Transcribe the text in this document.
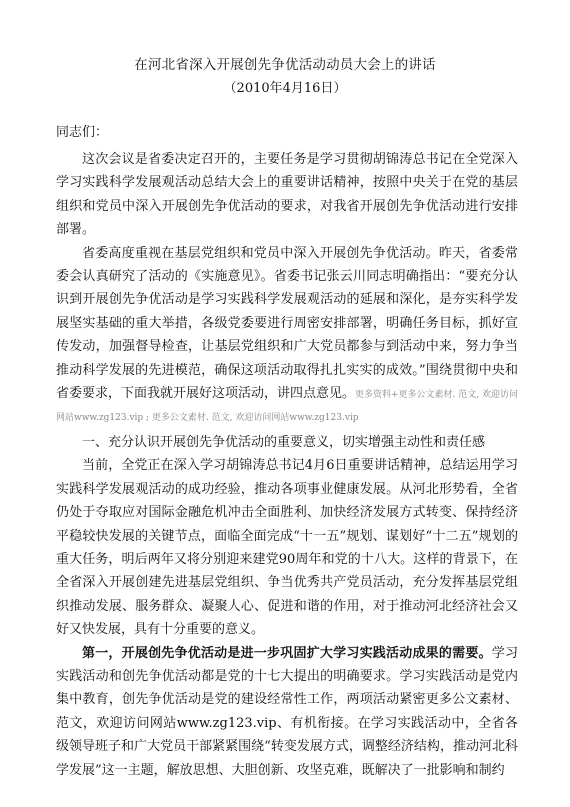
在河北省深入开展创先争优活动动员大会上的讲话
（2010年4月16日）
同志们：

这次会议是省委决定召开的，主要任务是学习贯彻胡锦涛总书记在全党深入学习实践科学发展观活动总结大会上的重要讲话精神，按照中央关于在党的基层组织和党员中深入开展创先争优活动的要求，对我省开展创先争优活动进行安排部署。

省委高度重视在基层党组织和党员中深入开展创先争优活动。昨天，省委常委会认真研究了活动的《实施意见》。省委书记张云川同志明确指出：“要充分认识到开展创先争优活动是学习实践科学发展观活动的延展和深化，是夯实科学发展坚实基础的重大举措，各级党委要进行周密安排部署，明确任务目标，抓好宣传发动，加强督导检查，让基层党组织和广大党员都参与到活动中来，努力争当推动科学发展的先进模范，确保这项活动取得扎扎实实的成效。”围绕贯彻中央和省委要求，下面我就开展好这项活动，讲四点意见。更多资料+更多公文素材. 范文, 欢迎访问网站www.zg123.vip ; 更多公文素材. 范文, 欢迎访问网站www.zg123.vip

一、充分认识开展创先争优活动的重要意义，切实增强主动性和责任感

当前，全党正在深入学习胡锦涛总书记4月6日重要讲话精神，总结运用学习实践科学发展观活动的成功经验，推动各项事业健康发展。从河北形势看，全省仍处于夺取应对国际金融危机冲击全面胜利、加快经济发展方式转变、保持经济平稳较快发展的关键节点，面临全面完成“十一五”规划、谋划好“十二五”规划的重大任务，明后两年又将分别迎来建党90周年和党的十八大。这样的背景下，在全省深入开展创建先进基层党组织、争当优秀共产党员活动，充分发挥基层党组织推动发展、服务群众、凝聚人心、促进和谐的作用，对于推动河北经济社会又好又快发展，具有十分重要的意义。

第一，开展创先争优活动是进一步巩固扩大学习实践活动成果的需要。学习实践活动和创先争优活动都是党的十七大提出的明确要求。学习实践活动是党内集中教育，创先争优活动是党的建设经常性工作，两项活动紧密更多公文素材、范文，欢迎访问网站www.zg123.vip、有机衔接。在学习实践活动中，全省各级领导班子和广大党员干部紧紧围绕“转变发展方式，调整经济结构，推动河北科学发展”这一主题，解放思想、大胆创新、攻坚克难，既解决了一批影响和制约
